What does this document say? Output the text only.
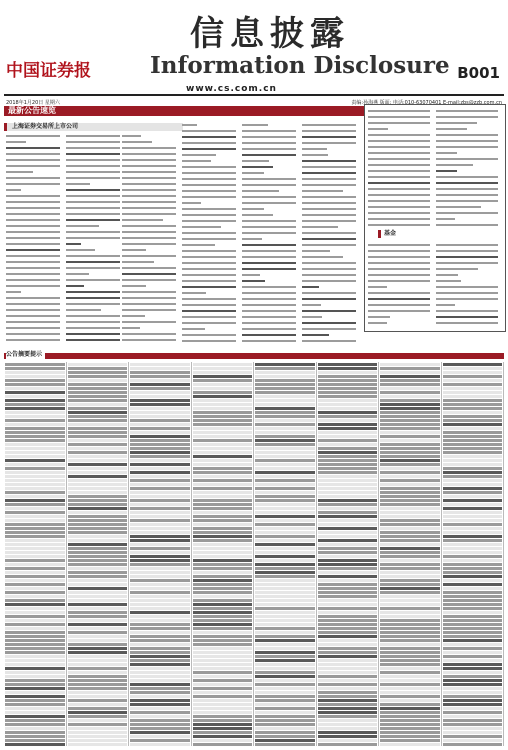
信息披露
中国证券报	Information Disclosure B001
www.cs.com.cn
2018年1月20日 星期六	责编:孙海燕 版面: 电话:010-63070401 E-mail:zbs@zzb.com.cn
最新公告速览
上海证券交易所上市公司
基金
公告摘要提示
